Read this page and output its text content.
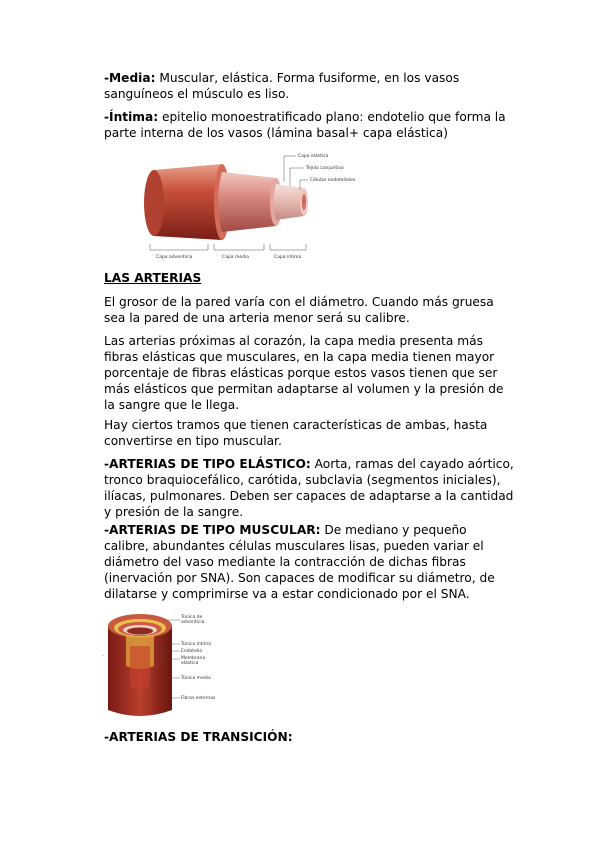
-Media: Muscular, elástica. Forma fusiforme, en los vasos sanguíneos el músculo es liso.

-Íntima: epitelio monoestratificado plano: endotelio que forma la parte interna de los vasos (lámina basal+ capa elástica)

Capa elástica
Tejido conjuntivo
Células endoteliales
Capa adventicia	Capa media	Capa íntima
LAS ARTERIAS

El grosor de la pared varía con el diámetro. Cuando más gruesa sea la pared de una arteria menor será su calibre.

Las arterias próximas al corazón, la capa media presenta más fibras elásticas que musculares, en la capa media tienen mayor porcentaje de fibras elásticas porque estos vasos tienen que ser más elásticos que permitan adaptarse al volumen y la presión de la sangre que le llega.

Hay ciertos tramos que tienen características de ambas, hasta convertirse en tipo muscular.

-ARTERIAS DE TIPO ELÁSTICO: Aorta, ramas del cayado aórtico, tronco braquiocefálico, carótida, subclavia (segmentos iniciales), ilíacas, pulmonares. Deben ser capaces de adaptarse a la cantidad y presión de la sangre.

-ARTERIAS DE TIPO MUSCULAR: De mediano y pequeño calibre, abundantes células musculares lisas, pueden variar el diámetro del vaso mediante la contracción de dichas fibras (inervación por SNA). Son capaces de modificar su diámetro, de dilatarse y comprimirse va a estar condicionado por el SNA.

.
Túnica de
adventicia
Túnica íntima
Endotelio
Membrana
elástica
Túnica media
Fibras externas

-ARTERIAS DE TRANSICIÓN:
